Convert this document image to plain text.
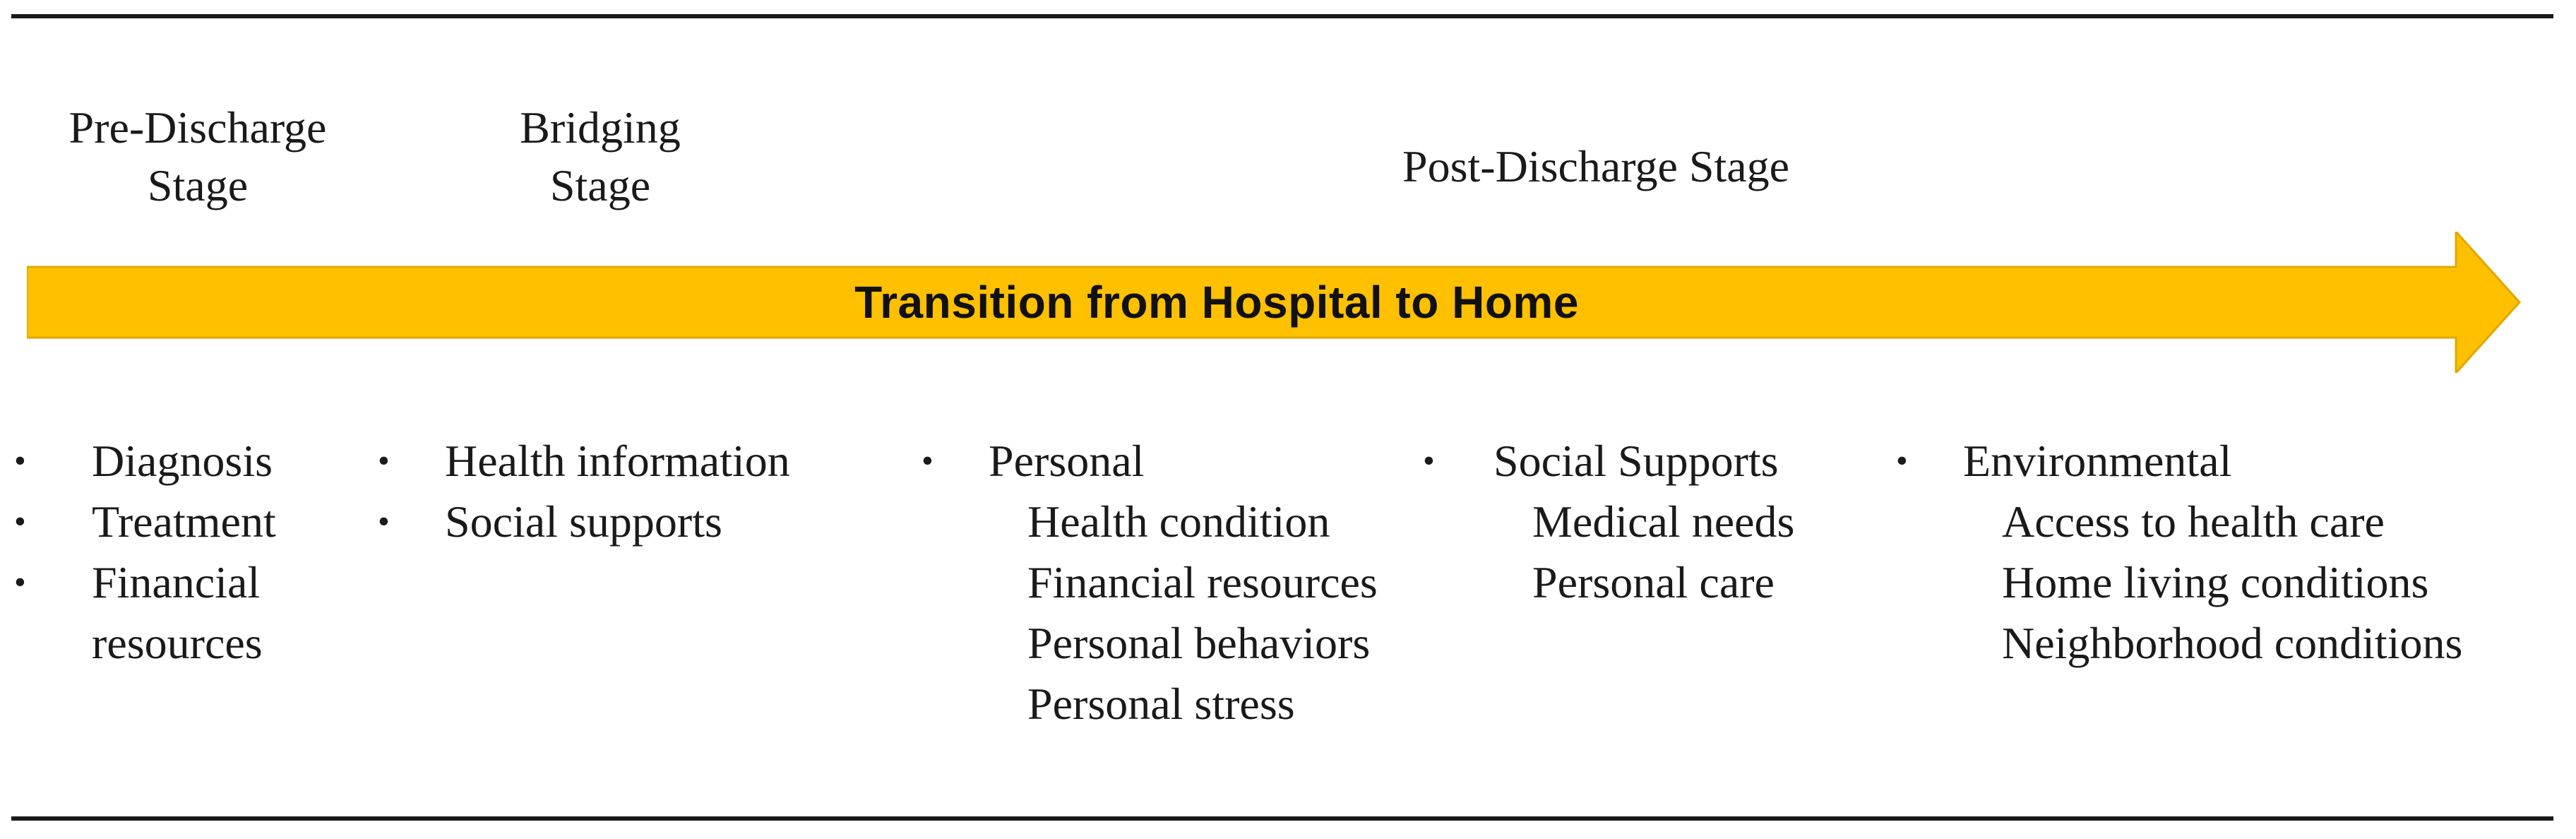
Pre-Discharge
Stage
Bridging
Stage	Post-Discharge Stage
Transition from Hospital to Home
• Diagnosis
• Treatment
• Financial
resources
• Health information
• Social supports
• Personal
Health condition
Financial resources
Personal behaviors
Personal stress
• Social Supports
Medical needs
Personal care
• Environmental
Access to health care
Home living conditions
Neighborhood conditions
